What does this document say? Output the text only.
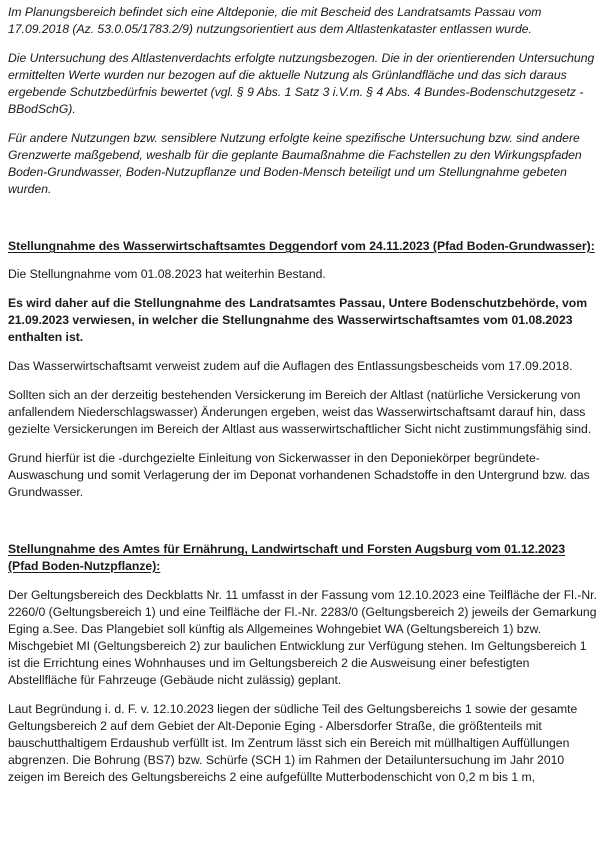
Im Planungsbereich befindet sich eine Altdeponie, die mit Bescheid des Landratsamts Passau vom 17.09.2018 (Az. 53.0.05/1783.2/9) nutzungsorientiert aus dem Altlastenkataster entlassen wurde.

Die Untersuchung des Altlastenverdachts erfolgte nutzungsbezogen. Die in der orientierenden Untersuchung ermittelten Werte wurden nur bezogen auf die aktuelle Nutzung als Grünlandfläche und das sich daraus ergebende Schutzbedürfnis bewertet (vgl. § 9 Abs. 1 Satz 3 i.V.m. § 4 Abs. 4 Bundes-Bodenschutzgesetz - BBodSchG).

Für andere Nutzungen bzw. sensiblere Nutzung erfolgte keine spezifische Untersuchung bzw. sind andere Grenzwerte maßgebend, weshalb für die geplante Baumaßnahme die Fachstellen zu den Wirkungspfaden Boden-Grundwasser, Boden-Nutzupflanze und Boden-Mensch beteiligt und um Stellungnahme gebeten wurden.

Stellungnahme des Wasserwirtschaftsamtes Deggendorf vom 24.11.2023 (Pfad Boden-Grundwasser):

Die Stellungnahme vom 01.08.2023 hat weiterhin Bestand.

Es wird daher auf die Stellungnahme des Landratsamtes Passau, Untere Bodenschutzbehörde, vom 21.09.2023 verwiesen, in welcher die Stellungnahme des Wasserwirtschaftsamtes vom 01.08.2023 enthalten ist.

Das Wasserwirtschaftsamt verweist zudem auf die Auflagen des Entlassungsbescheids vom 17.09.2018.

Sollten sich an der derzeitig bestehenden Versickerung im Bereich der Altlast (natürliche Versickerung von anfallendem Niederschlagswasser) Änderungen ergeben, weist das Wasserwirtschaftsamt darauf hin, dass gezielte Versickerungen im Bereich der Altlast aus wasserwirtschaftlicher Sicht nicht zustimmungsfähig sind.

Grund hierfür ist die -durchgezielte Einleitung von Sickerwasser in den Deponiekörper begründete-Auswaschung und somit Verlagerung der im Deponat vorhandenen Schadstoffe in den Untergrund bzw. das Grundwasser.

Stellungnahme des Amtes für Ernährung, Landwirtschaft und Forsten Augsburg vom 01.12.2023 (Pfad Boden-Nutzpflanze):

Der Geltungsbereich des Deckblatts Nr. 11 umfasst in der Fassung vom 12.10.2023 eine Teilfläche der Fl.-Nr. 2260/0 (Geltungsbereich 1) und eine Teilfläche der Fl.-Nr. 2283/0 (Geltungsbereich 2) jeweils der Gemarkung Eging a.See. Das Plangebiet soll künftig als Allgemeines Wohngebiet WA (Geltungsbereich 1) bzw. Mischgebiet MI (Geltungsbereich 2) zur baulichen Entwicklung zur Verfügung stehen. Im Geltungsbereich 1 ist die Errichtung eines Wohnhauses und im Geltungsbereich 2 die Ausweisung einer befestigten Abstellfläche für Fahrzeuge (Gebäude nicht zulässig) geplant.

Laut Begründung i. d. F. v. 12.10.2023 liegen der südliche Teil des Geltungsbereichs 1 sowie der gesamte Geltungsbereich 2 auf dem Gebiet der Alt-Deponie Eging - Albersdorfer Straße, die größtenteils mit bauschutthaltigem Erdaushub verfüllt ist. Im Zentrum lässt sich ein Bereich mit müllhaltigen Auffüllungen abgrenzen. Die Bohrung (BS7) bzw. Schürfe (SCH 1) im Rahmen der Detailuntersuchung im Jahr 2010 zeigen im Bereich des Geltungsbereichs 2 eine aufgefüllte Mutterbodenschicht von 0,2 m bis 1 m,
